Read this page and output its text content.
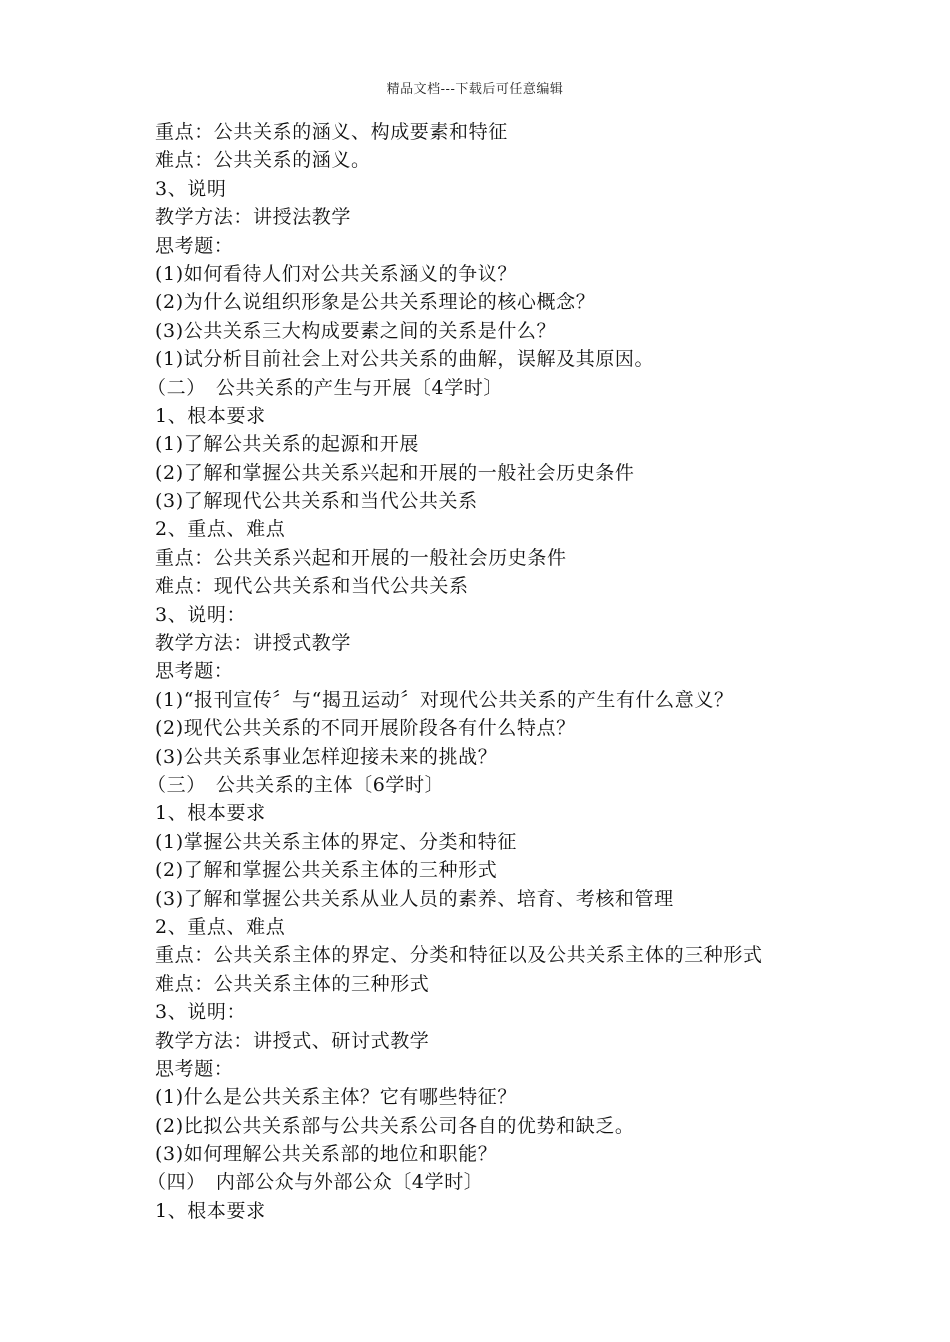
精品文档---下载后可任意编辑
重点：公共关系的涵义、构成要素和特征
难点：公共关系的涵义。
3、说明
教学方法：讲授法教学
思考题：
(1)如何看待人们对公共关系涵义的争议？
(2)为什么说组织形象是公共关系理论的核心概念？
(3)公共关系三大构成要素之间的关系是什么？
(1)试分析目前社会上对公共关系的曲解，误解及其原因。
（二）　公共关系的产生与开展〔4学时〕
1、根本要求
(1)了解公共关系的起源和开展
(2)了解和掌握公共关系兴起和开展的一般社会历史条件
(3)了解现代公共关系和当代公共关系
2、重点、难点
重点：公共关系兴起和开展的一般社会历史条件
难点：现代公共关系和当代公共关系
3、说明：
教学方法：讲授式教学
思考题：
(1)“报刊宣传〞与“揭丑运动〞对现代公共关系的产生有什么意义？
(2)现代公共关系的不同开展阶段各有什么特点？
(3)公共关系事业怎样迎接未来的挑战？
（三）　公共关系的主体〔6学时〕
1、根本要求
(1)掌握公共关系主体的界定、分类和特征
(2)了解和掌握公共关系主体的三种形式
(3)了解和掌握公共关系从业人员的素养、培育、考核和管理
2、重点、难点
重点：公共关系主体的界定、分类和特征以及公共关系主体的三种形式
难点：公共关系主体的三种形式
3、说明：
教学方法：讲授式、研讨式教学
思考题：
(1)什么是公共关系主体？它有哪些特征？
(2)比拟公共关系部与公共关系公司各自的优势和缺乏。
(3)如何理解公共关系部的地位和职能？
（四）　内部公众与外部公众〔4学时〕
1、根本要求
